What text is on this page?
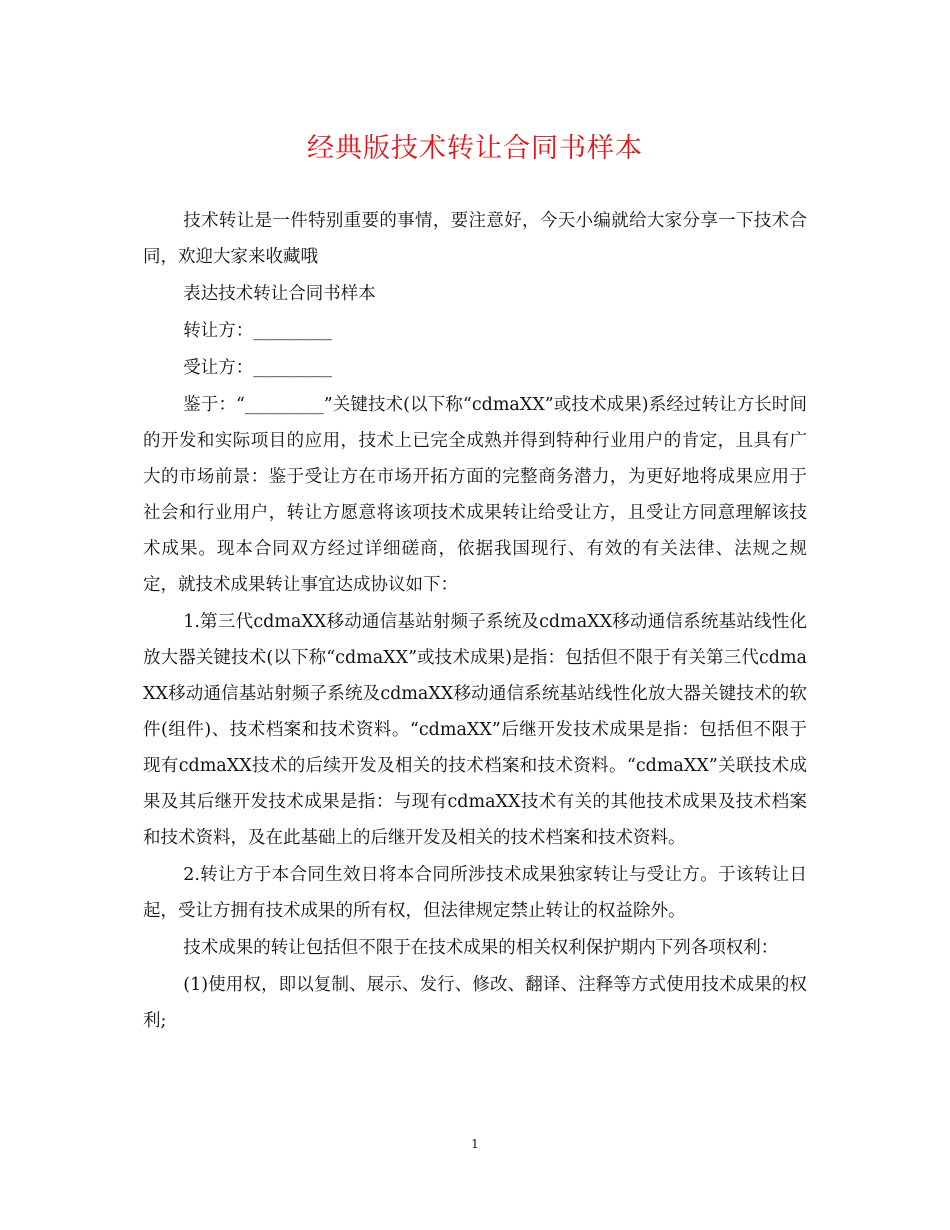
经典版技术转让合同书样本

技术转让是一件特别重要的事情，要注意好，今天小编就给大家分享一下技术合同，欢迎大家来收藏哦

表达技术转让合同书样本

转让方：_________

受让方：_________

鉴于：“_________”关键技术(以下称“cdmaXX”或技术成果)系经过转让方长时间的开发和实际项目的应用，技术上已完全成熟并得到特种行业用户的肯定，且具有广大的市场前景：鉴于受让方在市场开拓方面的完整商务潜力，为更好地将成果应用于社会和行业用户，转让方愿意将该项技术成果转让给受让方，且受让方同意理解该技术成果。现本合同双方经过详细磋商，依据我国现行、有效的有关法律、法规之规定，就技术成果转让事宜达成协议如下：

1.第三代cdmaXX移动通信基站射频子系统及cdmaXX移动通信系统基站线性化放大器关键技术(以下称“cdmaXX”或技术成果)是指：包括但不限于有关第三代cdmaXX移动通信基站射频子系统及cdmaXX移动通信系统基站线性化放大器关键技术的软件(组件)、技术档案和技术资料。“cdmaXX”后继开发技术成果是指：包括但不限于现有cdmaXX技术的后续开发及相关的技术档案和技术资料。“cdmaXX”关联技术成果及其后继开发技术成果是指：与现有cdmaXX技术有关的其他技术成果及技术档案和技术资料，及在此基础上的后继开发及相关的技术档案和技术资料。

2.转让方于本合同生效日将本合同所涉技术成果独家转让与受让方。于该转让日起，受让方拥有技术成果的所有权，但法律规定禁止转让的权益除外。

技术成果的转让包括但不限于在技术成果的相关权利保护期内下列各项权利：

(1)使用权，即以复制、展示、发行、修改、翻译、注释等方式使用技术成果的权利;

1
